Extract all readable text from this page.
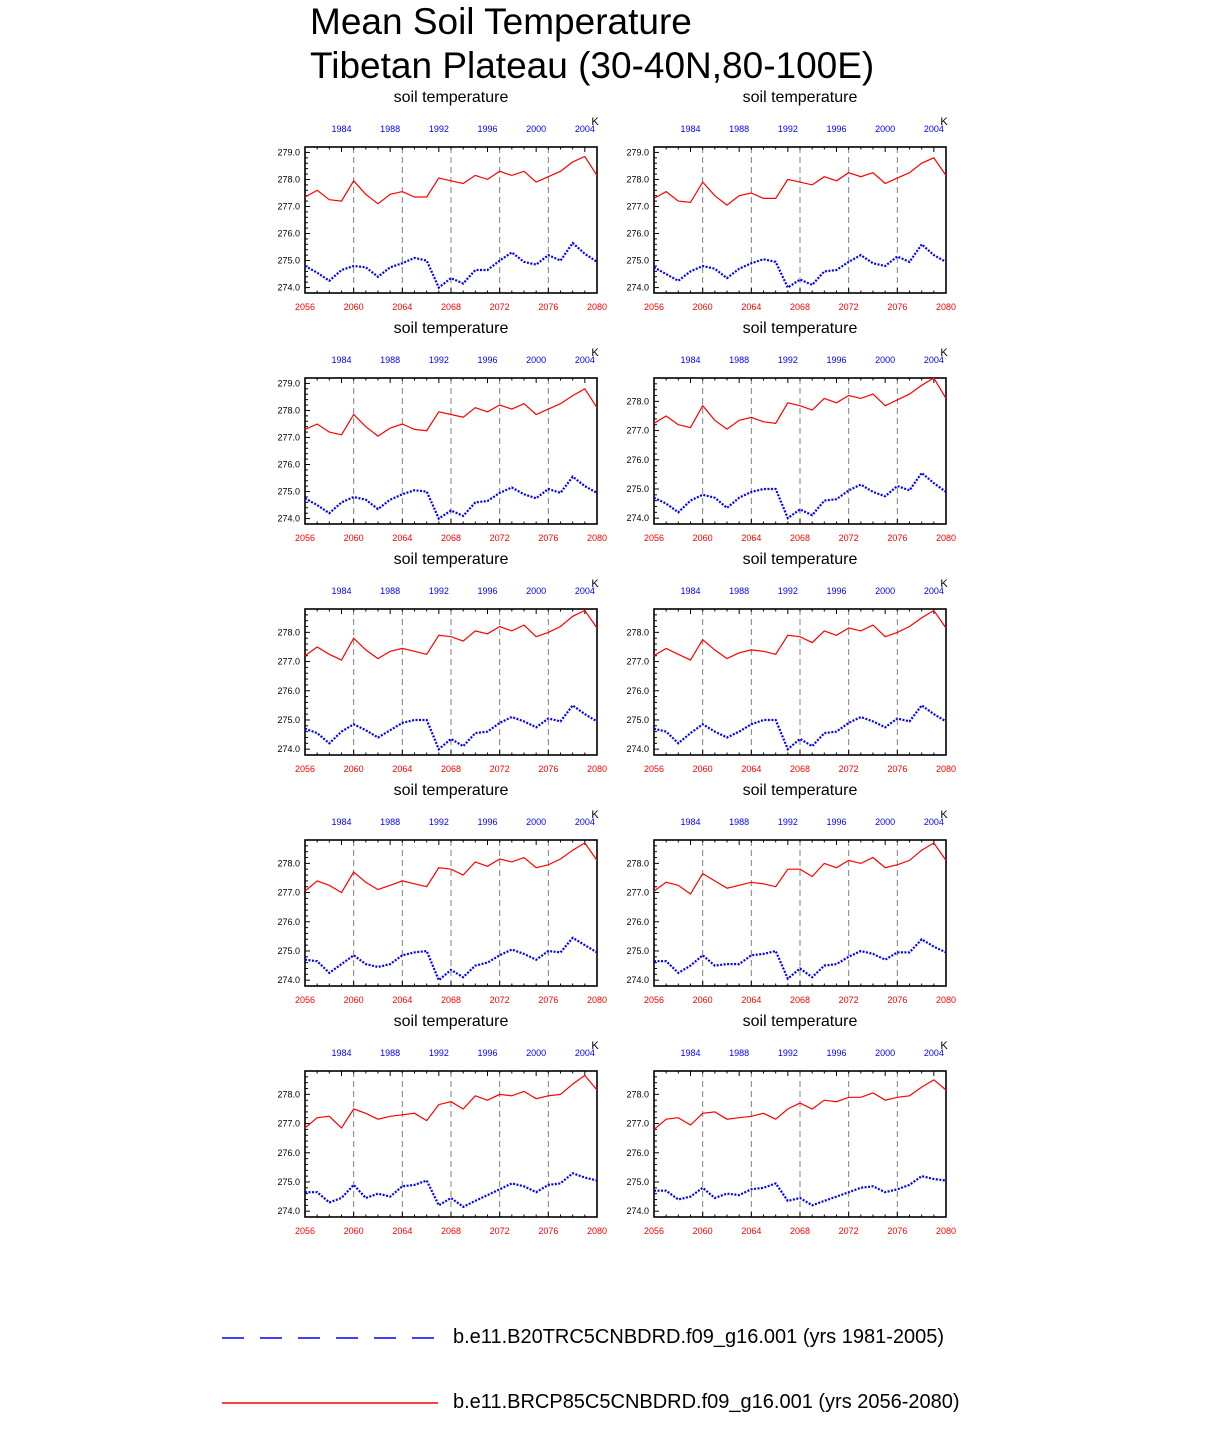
Mean Soil Temperature
Tibetan Plateau (30-40N,80-100E)
soil temperature
K
274.0
275.0
276.0
277.0
278.0
279.0
2056	2060	2064	2068	2072	2076	2080
1984	1988	1992	1996	2000	2004
soil temperature
K
274.0
275.0
276.0
277.0
278.0
279.0
2056	2060	2064	2068	2072	2076	2080
1984	1988	1992	1996	2000	2004
soil temperature
K
274.0
275.0
276.0
277.0
278.0
279.0
2056	2060	2064	2068	2072	2076	2080
1984	1988	1992	1996	2000	2004
soil temperature
K
274.0
275.0
276.0
277.0
278.0
2056	2060	2064	2068	2072	2076	2080
1984	1988	1992	1996	2000	2004
soil temperature
K
274.0
275.0
276.0
277.0
278.0
2056	2060	2064	2068	2072	2076	2080
1984	1988	1992	1996	2000	2004
soil temperature
K
274.0
275.0
276.0
277.0
278.0
2056	2060	2064	2068	2072	2076	2080
1984	1988	1992	1996	2000	2004
soil temperature
K
274.0
275.0
276.0
277.0
278.0
2056	2060	2064	2068	2072	2076	2080
1984	1988	1992	1996	2000	2004
soil temperature
K
274.0
275.0
276.0
277.0
278.0
2056	2060	2064	2068	2072	2076	2080
1984	1988	1992	1996	2000	2004
soil temperature
K
274.0
275.0
276.0
277.0
278.0
2056	2060	2064	2068	2072	2076	2080
1984	1988	1992	1996	2000	2004
soil temperature
K
274.0
275.0
276.0
277.0
278.0
2056	2060	2064	2068	2072	2076	2080
1984	1988	1992	1996	2000	2004
b.e11.B20TRC5CNBDRD.f09_g16.001 (yrs 1981-2005)
b.e11.BRCP85C5CNBDRD.f09_g16.001 (yrs 2056-2080)
